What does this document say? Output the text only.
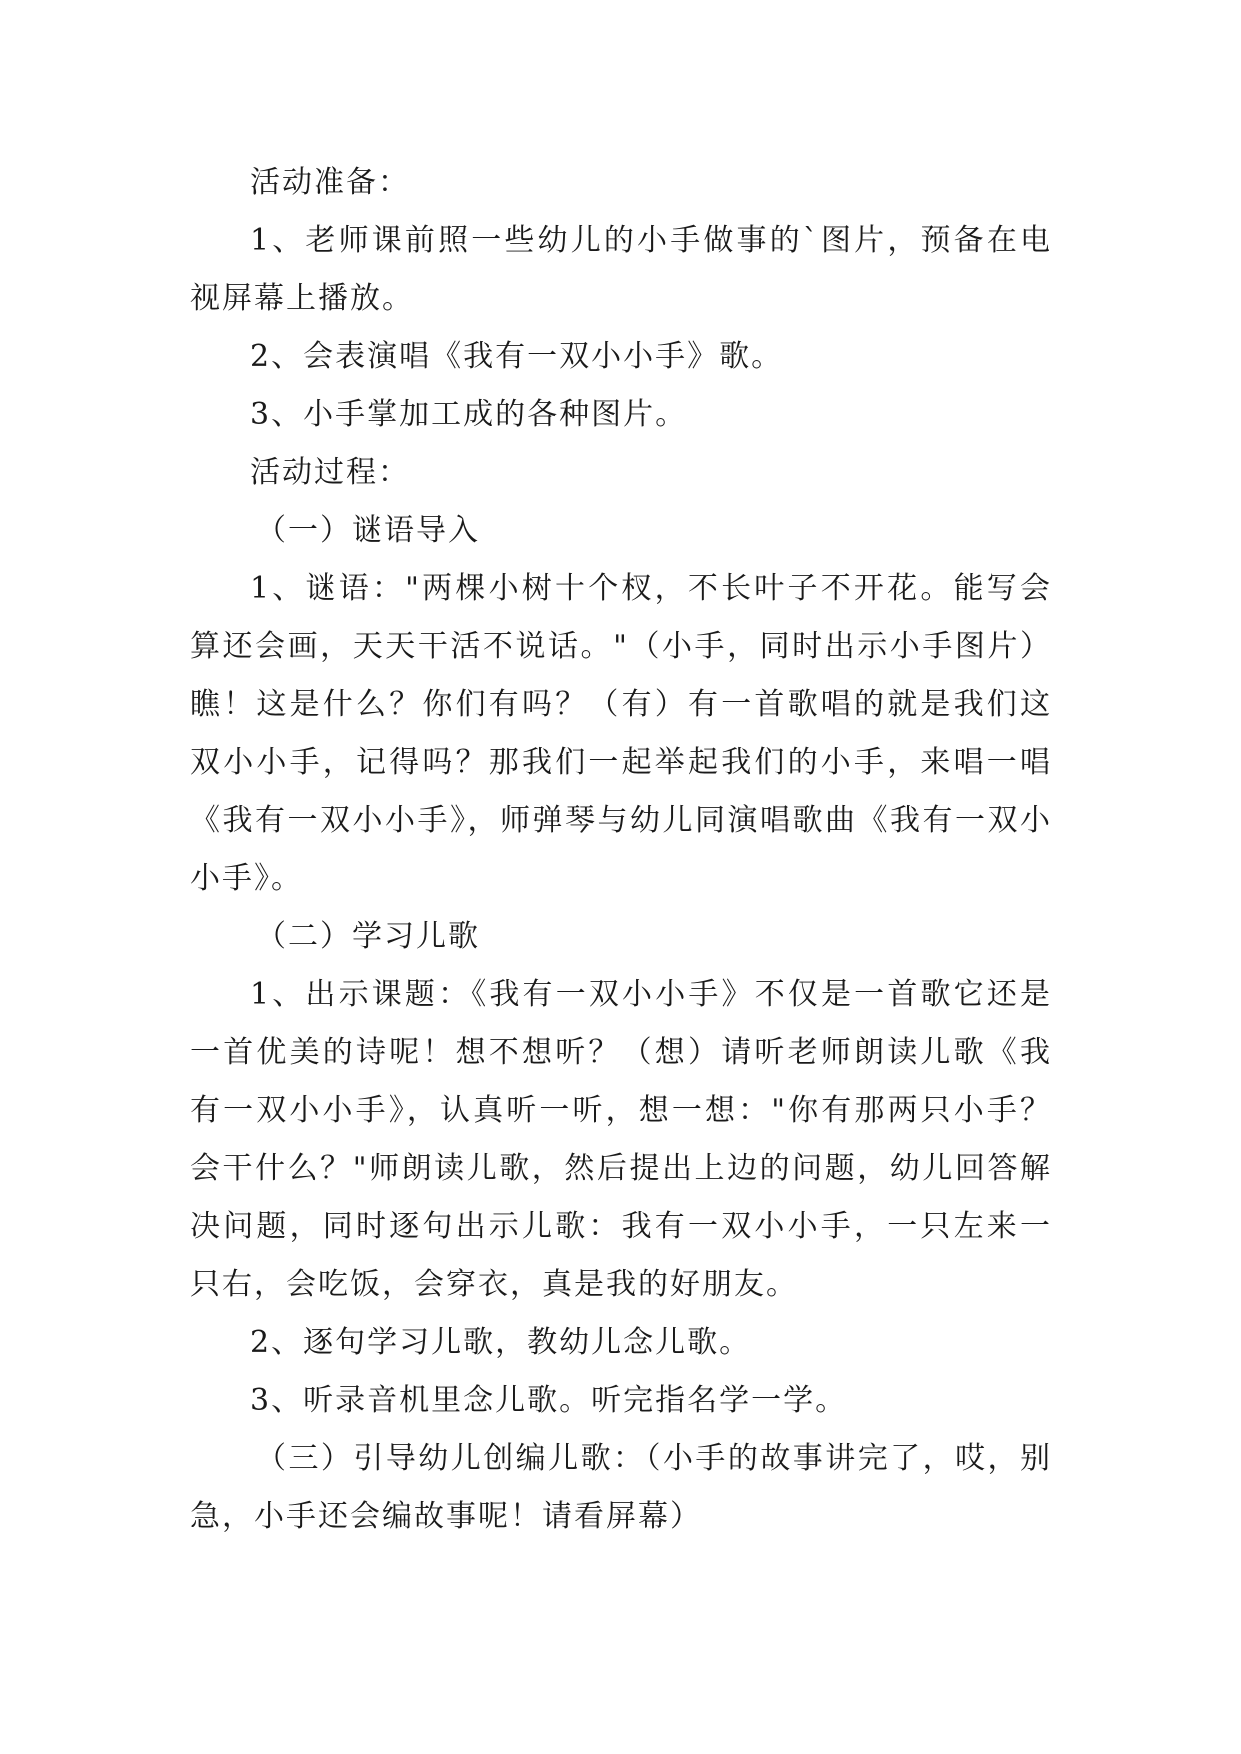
活动准备：

1、老师课前照一些幼儿的小手做事的`图片，预备在电视屏幕上播放。

2、会表演唱《我有一双小小手》歌。

3、小手掌加工成的各种图片。

活动过程：

（一）谜语导入

1、谜语："两棵小树十个杈，不长叶子不开花。能写会算还会画，天天干活不说话。"（小手，同时出示小手图片）瞧！这是什么？你们有吗？（有）有一首歌唱的就是我们这双小小手，记得吗？那我们一起举起我们的小手，来唱一唱《我有一双小小手》，师弹琴与幼儿同演唱歌曲《我有一双小小手》。

（二）学习儿歌

1、出示课题：《我有一双小小手》不仅是一首歌它还是一首优美的诗呢！想不想听？（想）请听老师朗读儿歌《我有一双小小手》，认真听一听，想一想："你有那两只小手？会干什么？"师朗读儿歌，然后提出上边的问题，幼儿回答解决问题，同时逐句出示儿歌：我有一双小小手，一只左来一只右，会吃饭，会穿衣，真是我的好朋友。

2、逐句学习儿歌，教幼儿念儿歌。

3、听录音机里念儿歌。听完指名学一学。

（三）引导幼儿创编儿歌：（小手的故事讲完了，哎，别急，小手还会编故事呢！请看屏幕）
